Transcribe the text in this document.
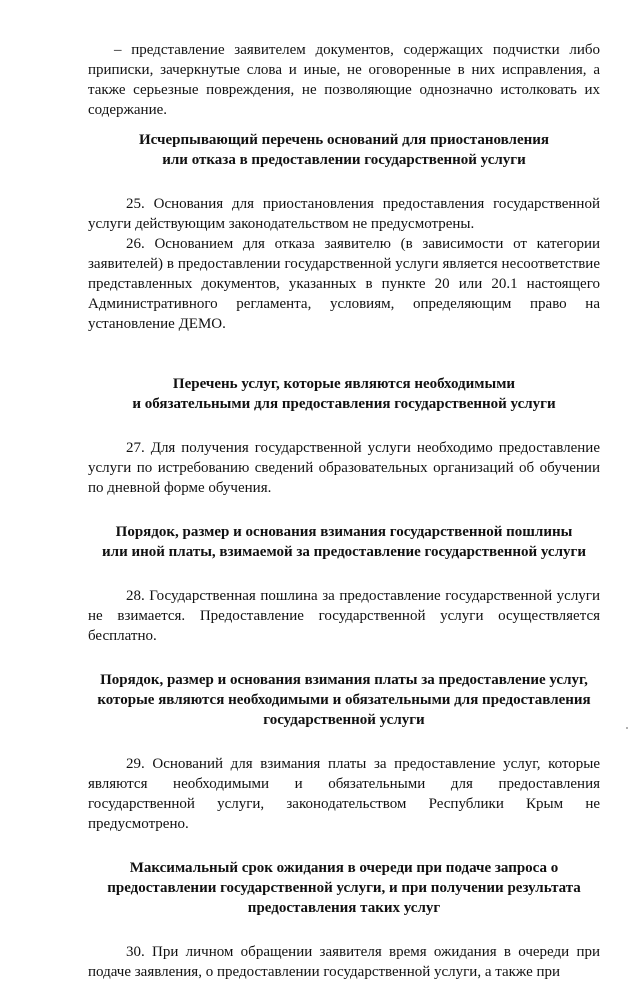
– представление заявителем документов, содержащих подчистки либо приписки, зачеркнутые слова и иные, не оговоренные в них исправления, а также серьезные повреждения, не позволяющие однозначно истолковать их содержание.

Исчерпывающий перечень оснований для приостановления
или отказа в предоставлении государственной услуги

25. Основания для приостановления предоставления государственной услуги действующим законодательством не предусмотрены.

26. Основанием для отказа заявителю (в зависимости от категории заявителей) в предоставлении государственной услуги является несоответствие представленных документов, указанных в пункте 20 или 20.1 настоящего Административного регламента, условиям, определяющим право на установление ДЕМО.

Перечень услуг, которые являются необходимыми
и обязательными для предоставления государственной услуги

27. Для получения государственной услуги необходимо предоставление услуги по истребованию сведений образовательных организаций об обучении по дневной форме обучения.

Порядок, размер и основания взимания государственной пошлины
или иной платы, взимаемой за предоставление государственной услуги

28. Государственная пошлина за предоставление государственной услуги не взимается. Предоставление государственной услуги осуществляется бесплатно.

Порядок, размер и основания взимания платы за предоставление услуг,
которые являются необходимыми и обязательными для предоставления
государственной услуги

29. Оснований для взимания платы за предоставление услуг, которые являются необходимыми и обязательными для предоставления государственной услуги, законодательством Республики Крым не предусмотрено.

Максимальный срок ожидания в очереди при подаче запроса о
предоставлении государственной услуги, и при получении результата
предоставления таких услуг

30. При личном обращении заявителя время ожидания в очереди при подаче заявления, о предоставлении государственной услуги, а также при
